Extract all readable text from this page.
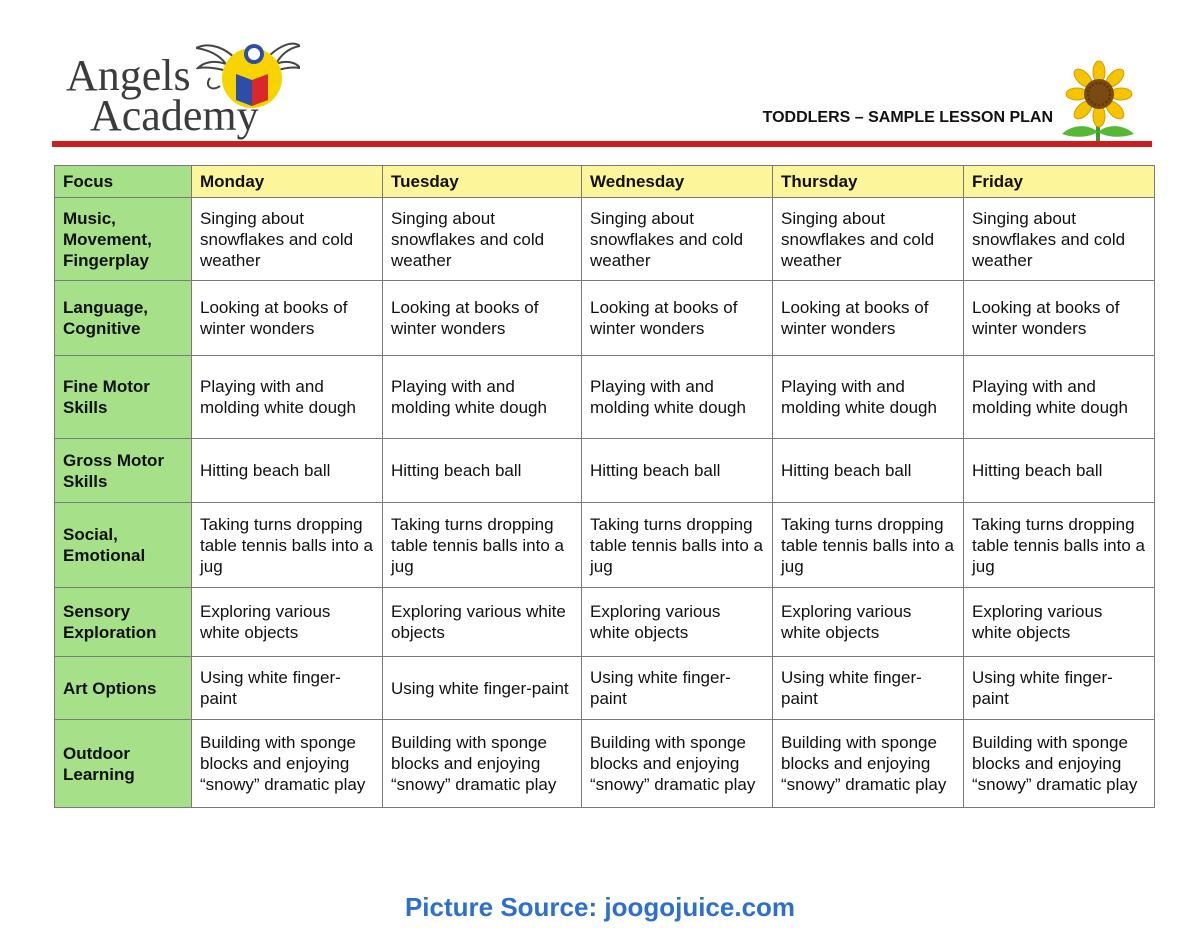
Angels
Academy	TODDLERS – SAMPLE LESSON PLAN
Focus	Monday	Tuesday	Wednesday	Thursday	Friday
Music, Movement, Fingerplay	Singing about snowflakes and cold weather	Singing about snowflakes and cold weather	Singing about snowflakes and cold weather	Singing about snowflakes and cold weather	Singing about snowflakes and cold weather
Language, Cognitive	Looking at books of winter wonders	Looking at books of winter wonders	Looking at books of winter wonders	Looking at books of winter wonders	Looking at books of winter wonders
Fine Motor Skills	Playing with and molding white dough	Playing with and molding white dough	Playing with and molding white dough	Playing with and molding white dough	Playing with and molding white dough
Gross Motor Skills	Hitting beach ball	Hitting beach ball	Hitting beach ball	Hitting beach ball	Hitting beach ball
Social, Emotional	Taking turns dropping table tennis balls into a jug	Taking turns dropping table tennis balls into a jug	Taking turns dropping table tennis balls into a jug	Taking turns dropping table tennis balls into a jug	Taking turns dropping table tennis balls into a jug
Sensory Exploration	Exploring various white objects	Exploring various white objects	Exploring various white objects	Exploring various white objects	Exploring various white objects
Art Options	Using white finger-paint	Using white finger-paint	Using white finger-paint	Using white finger-paint	Using white finger-paint
Outdoor Learning	Building with sponge blocks and enjoying “snowy” dramatic play	Building with sponge blocks and enjoying “snowy” dramatic play	Building with sponge blocks and enjoying “snowy” dramatic play	Building with sponge blocks and enjoying “snowy” dramatic play	Building with sponge blocks and enjoying “snowy” dramatic play
Picture Source: joogojuice.com
